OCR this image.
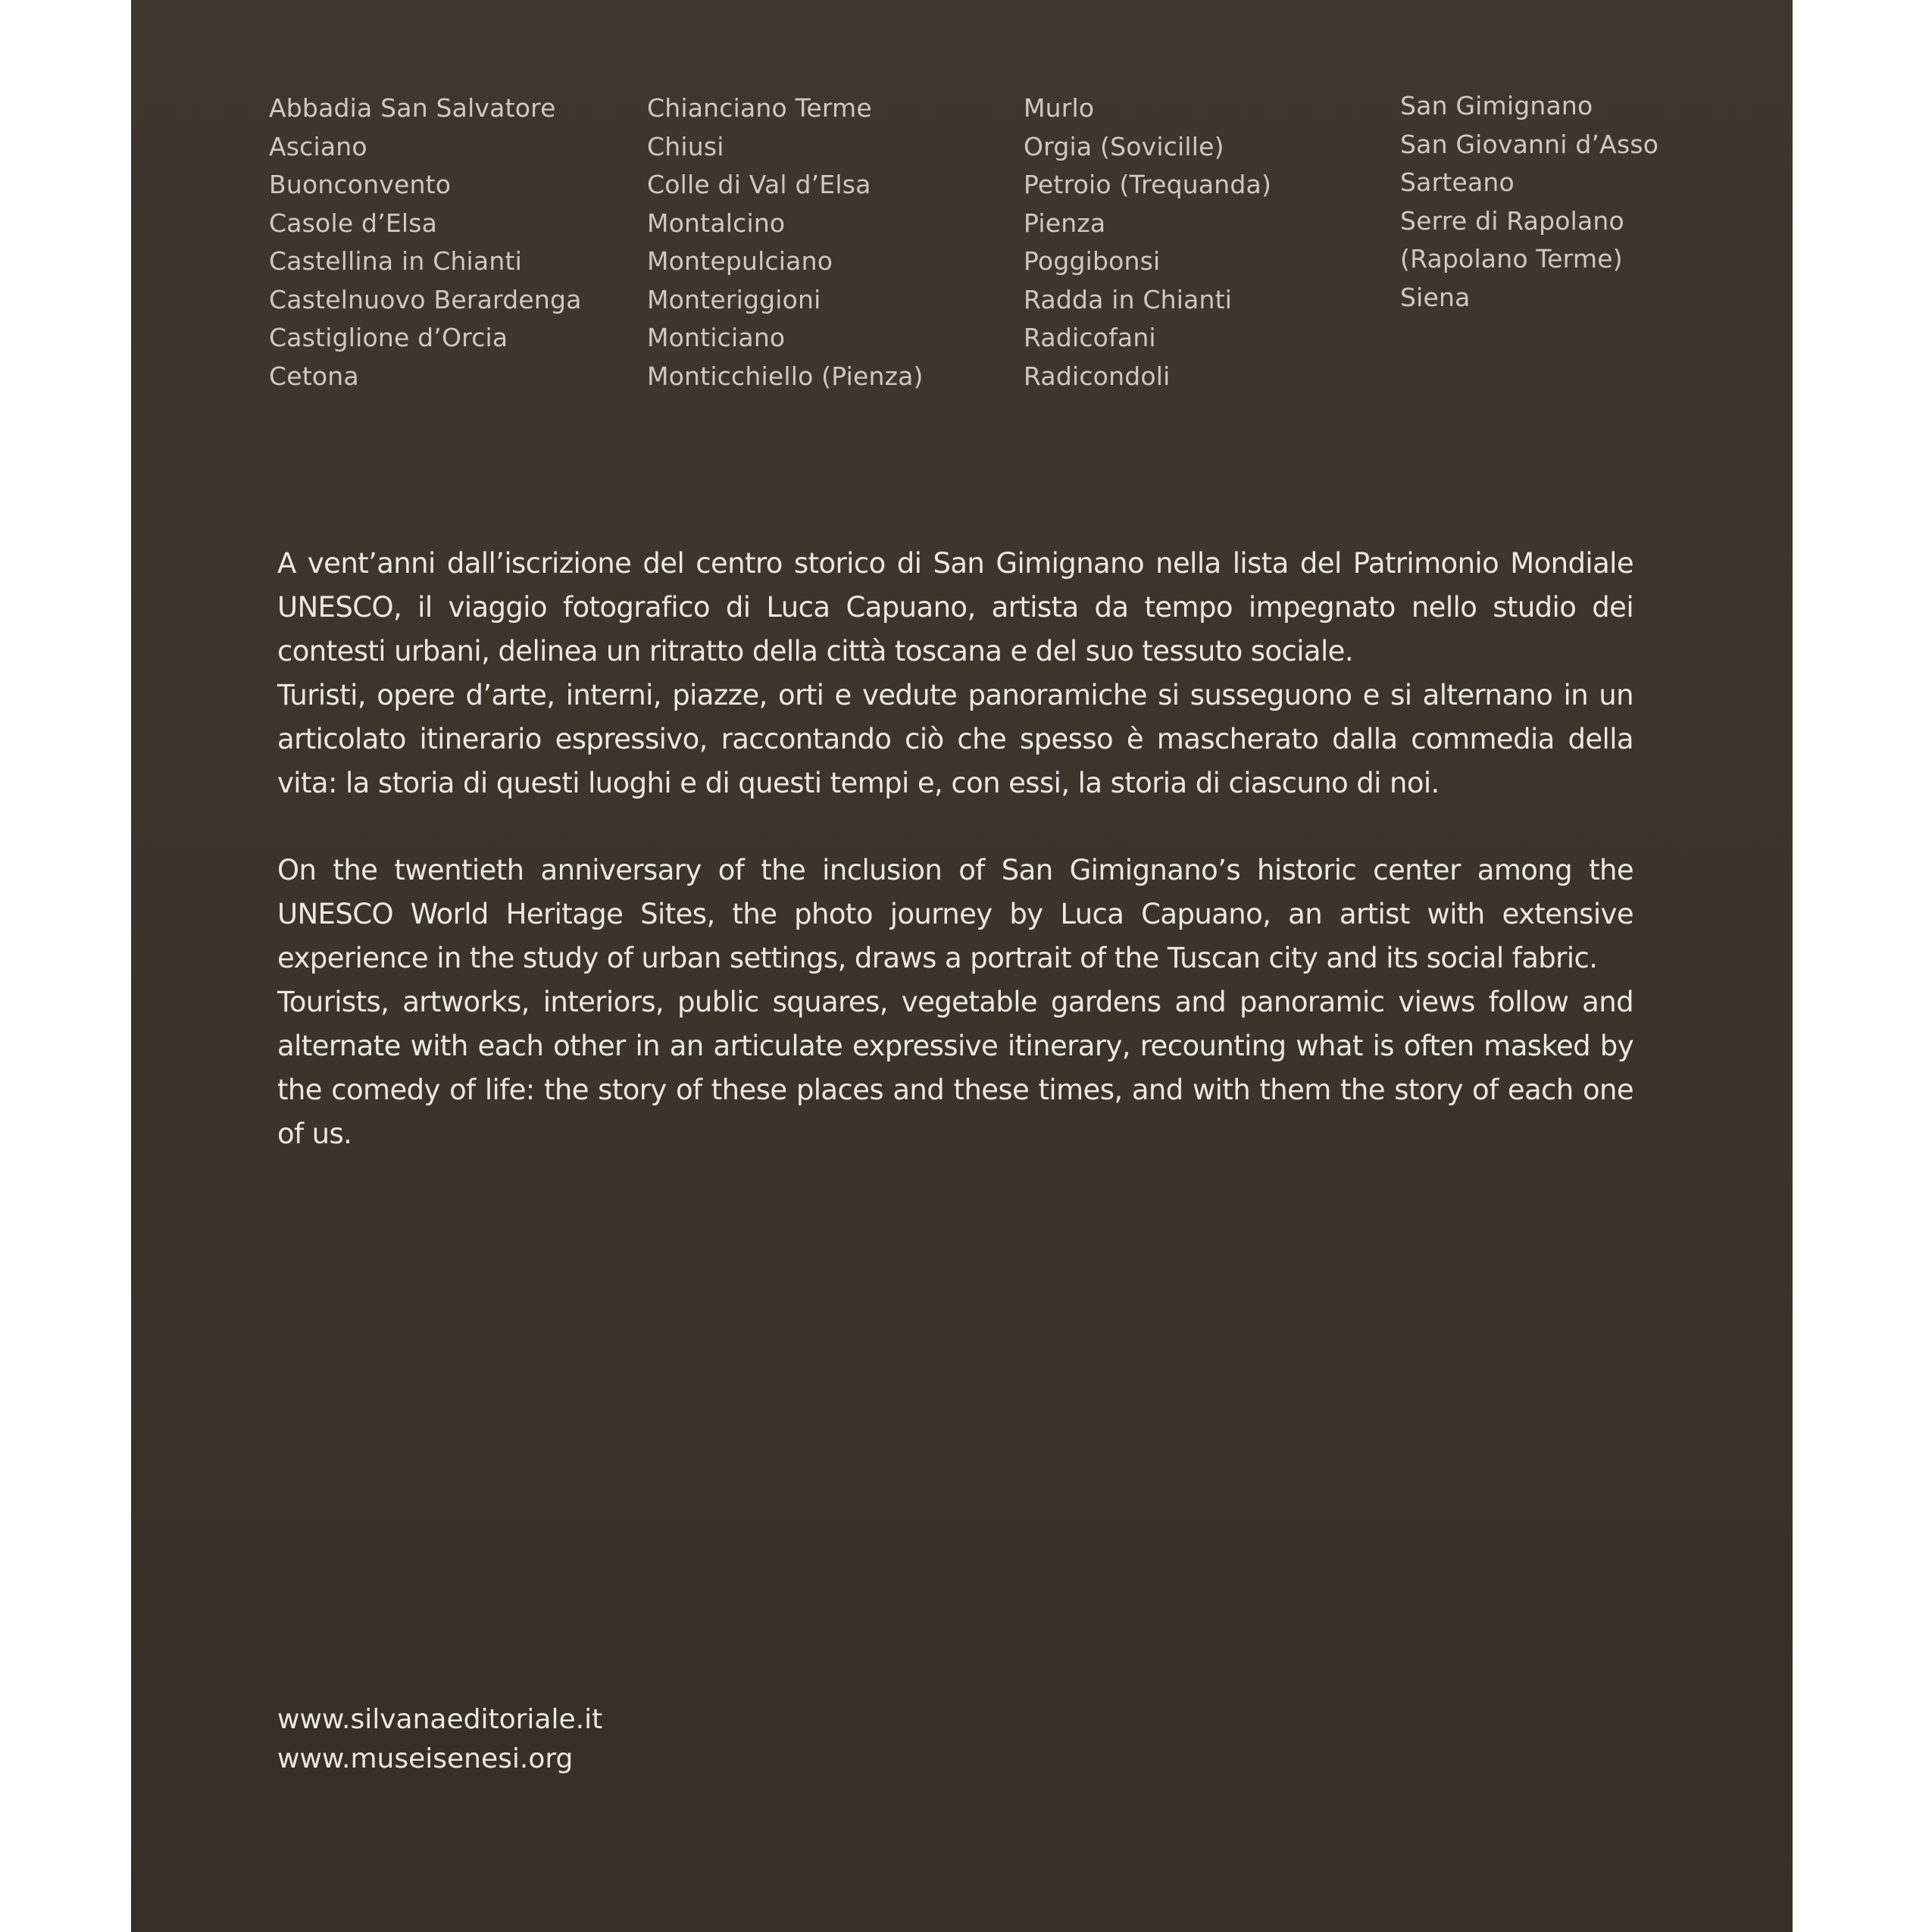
Abbadia San Salvatore
Asciano
Buonconvento
Casole d’Elsa
Castellina in Chianti
Castelnuovo Berardenga
Castiglione d’Orcia
Cetona
Chianciano Terme
Chiusi
Colle di Val d’Elsa
Montalcino
Montepulciano
Monteriggioni
Monticiano
Monticchiello (Pienza)
Murlo
Orgia (Sovicille)
Petroio (Trequanda)
Pienza
Poggibonsi
Radda in Chianti
Radicofani
Radicondoli
San Gimignano
San Giovanni d’Asso
Sarteano
Serre di Rapolano
(Rapolano Terme)
Siena

A vent’anni dall’iscrizione del centro storico di San Gimignano nella lista del Patrimonio Mondiale UNESCO, il viaggio fotografico di Luca Capuano, artista da tempo impegnato nello studio dei contesti urbani, delinea un ritratto della città toscana e del suo tessuto sociale.

Turisti, opere d’arte, interni, piazze, orti e vedute panoramiche si susseguono e si alternano in un articolato itinerario espressivo, raccontando ciò che spesso è mascherato dalla commedia della vita: la storia di questi luoghi e di questi tempi e, con essi, la storia di ciascuno di noi.

On the twentieth anniversary of the inclusion of San Gimignano’s historic center among the UNESCO World Heritage Sites, the photo journey by Luca Capuano, an artist with extensive experience in the study of urban settings, draws a portrait of the Tuscan city and its social fabric.

Tourists, artworks, interiors, public squares, vegetable gardens and panoramic views follow and alternate with each other in an articulate expressive itinerary, recounting what is often masked by the comedy of life: the story of these places and these times, and with them the story of each one of us.

www.silvanaeditoriale.it
www.museisenesi.org
